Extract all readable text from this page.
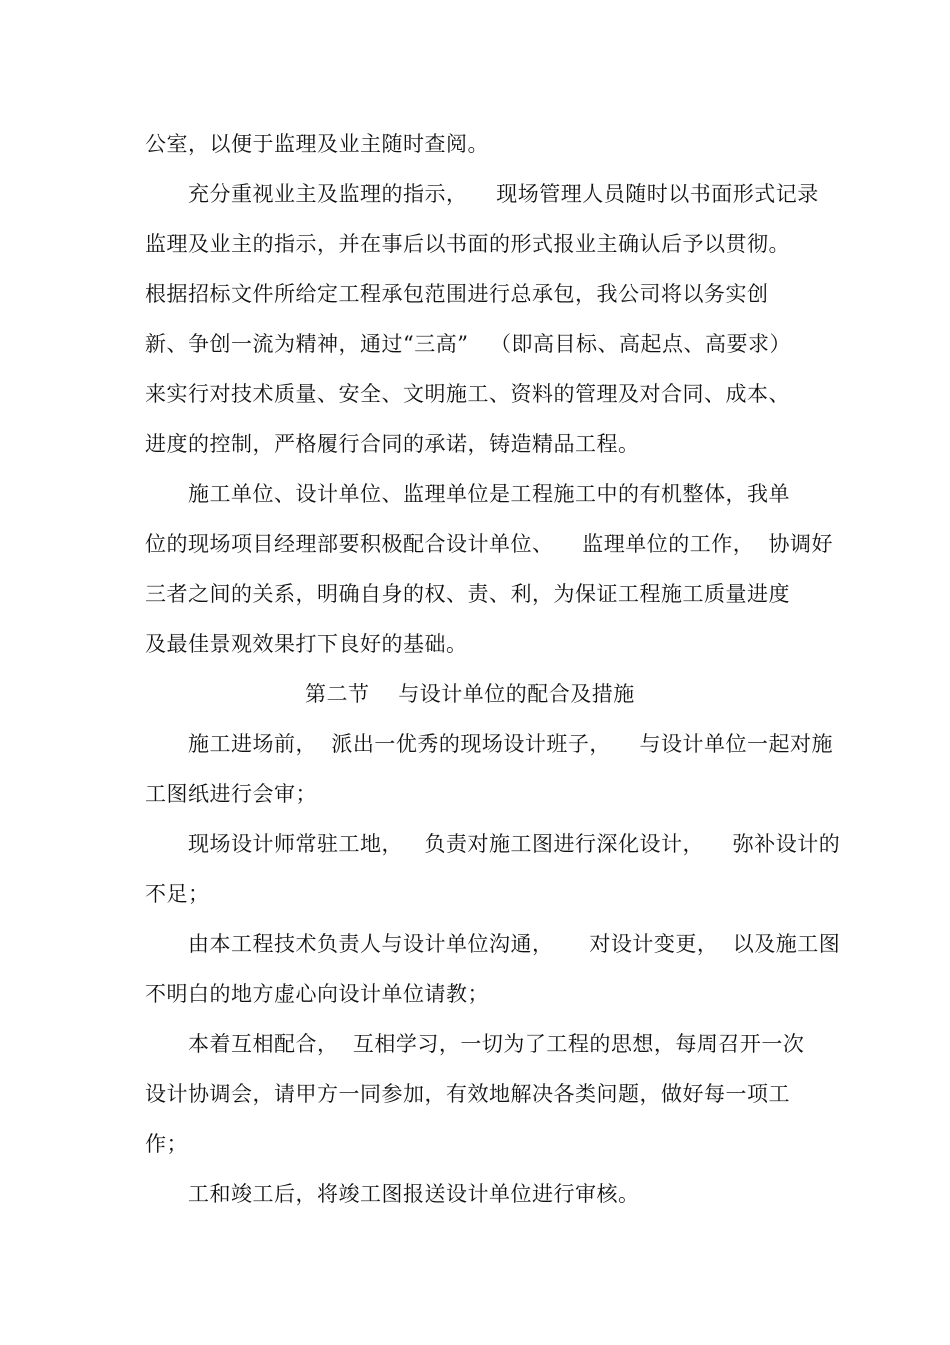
公室，以便于监理及业主随时查阅。
充分重视业主及监理的指示，    现场管理人员随时以书面形式记录
监理及业主的指示，并在事后以书面的形式报业主确认后予以贯彻。
根据招标文件所给定工程承包范围进行总承包，我公司将以务实创
新、争创一流为精神，通过“三高”   （即高目标、高起点、高要求）
来实行对技术质量、安全、文明施工、资料的管理及对合同、成本、
进度的控制，严格履行合同的承诺，铸造精品工程。
施工单位、设计单位、监理单位是工程施工中的有机整体，我单
位的现场项目经理部要积极配合设计单位、    监理单位的工作，  协调好
三者之间的关系，明确自身的权、责、利，为保证工程施工质量进度
及最佳景观效果打下良好的基础。
第二节    与设计单位的配合及措施
施工进场前，  派出一优秀的现场设计班子，    与设计单位一起对施
工图纸进行会审；
现场设计师常驻工地，   负责对施工图进行深化设计，    弥补设计的
不足；
由本工程技术负责人与设计单位沟通，     对设计变更，  以及施工图
不明白的地方虚心向设计单位请教；
本着互相配合，  互相学习，一切为了工程的思想，每周召开一次
设计协调会，请甲方一同参加，有效地解决各类问题，做好每一项工
作；
工和竣工后，将竣工图报送设计单位进行审核。
